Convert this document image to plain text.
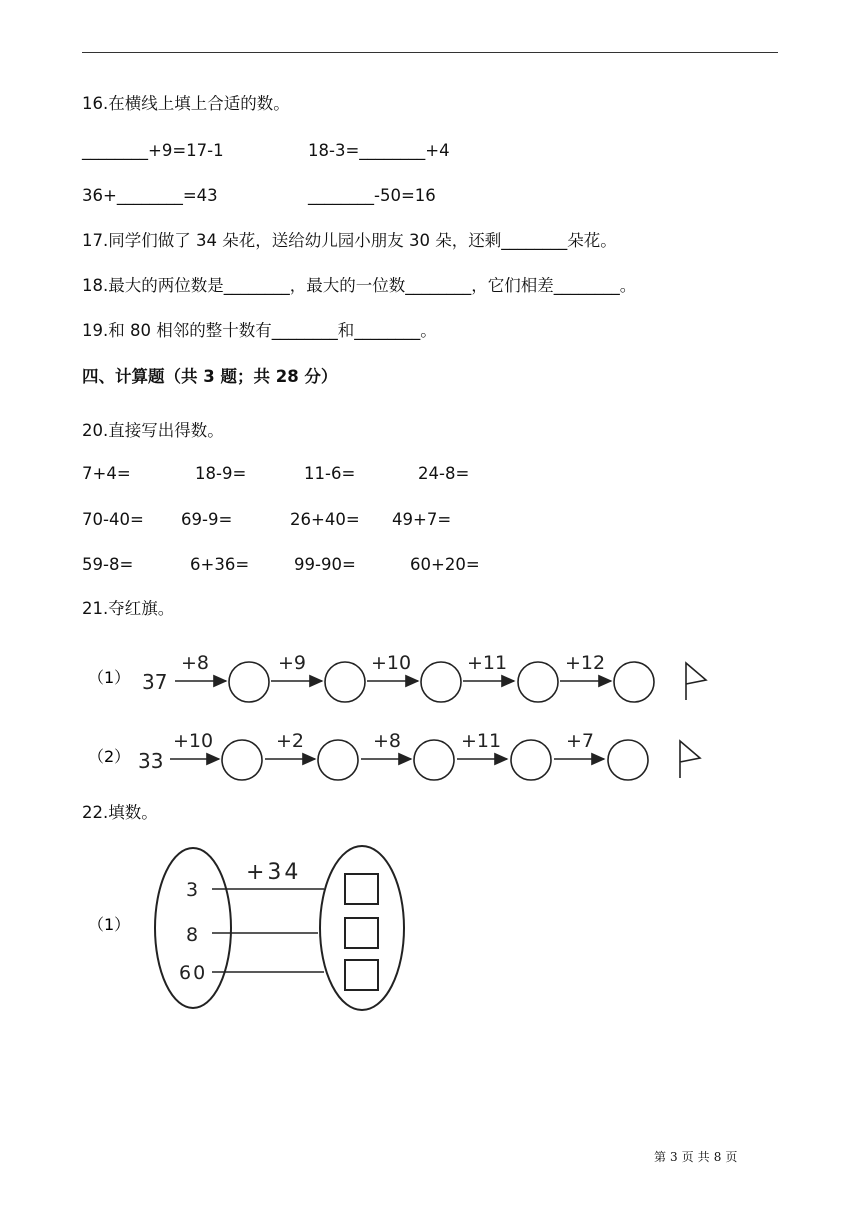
16.在横线上填上合适的数。
________+9=17-1	18-3=________+4
36+________=43	________-50=16
17.同学们做了 34 朵花，送给幼儿园小朋友 30 朵，还剩________朵花。
18.最大的两位数是________，最大的一位数________，它们相差________。
19.和 80 相邻的整十数有________和________。
四、计算题（共 3 题；共 28 分）
20.直接写出得数。
7+4=	18-9=	11-6=	24-8=
70-40= 69-9=	26+40= 49+7=
59-8=	6+36=	99-90=	60+20=
21.夺红旗。
（1） 37
+8	+9	+10	+11	+12
（2） 33
+10	+2	+8	+11	+7
（1）
+34
3
8
60
22.填数。
第 3 页 共 8 页
